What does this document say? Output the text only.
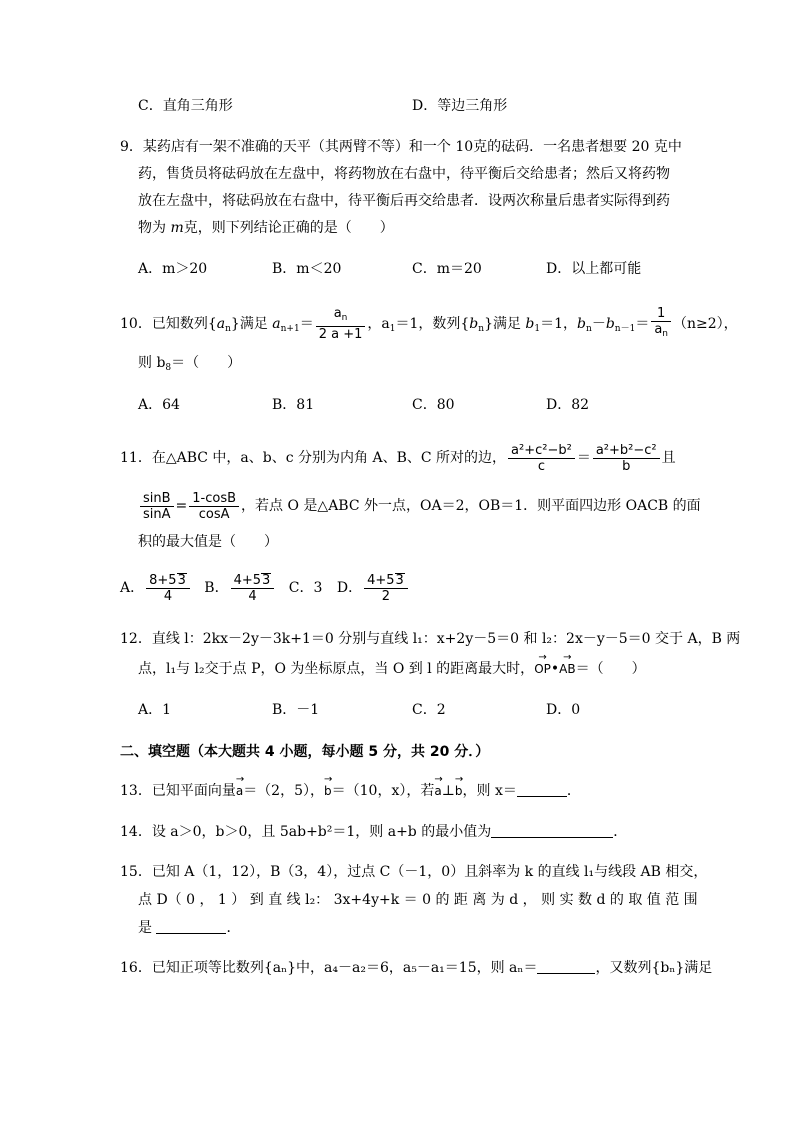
C．直角三角形	D．等边三角形
9．某药店有一架不准确的天平（其两臂不等）和一个 10克的砝码．一名患者想要 20 克中
药，售货员将砝码放在左盘中，将药物放在右盘中，待平衡后交给患者；然后又将药物
放在左盘中，将砝码放在右盘中，待平衡后再交给患者．设两次称量后患者实际得到药
物为 m克，则下列结论正确的是（　　）
A．m＞20	B．m＜20	C．m＝20	D．以上都可能
10．已知数列$\{a_n\}$满足 $a_{n+1}= \frac{a_n}{2 a +1}$ ，$a_1=1$，数列$\{b_n\}$满足 $b_1=1$，$b_n-b_{n-1}= \frac{1}{a_n} (n\ge 2)$，
则 $b_8=$（　　）
A．64	B．81	C．80	D．82
11．在△ABC 中，a、b、c 分别为内角 A、B、C 所对的边， $\frac{\text{a²+c²−b²}}{c} = \frac{\text{a²+b²−c²}}{b}$ 且
$\frac{\sin B}{\sin A} = \frac{1-\cos B}{\cos A}$ ，若点 O 是△ABC 外一点，OA＝2，OB＝1．则平面四边形 OACB 的面
积的最大值是（　　）
A． $\frac{8+53}{4}$ B． $\frac{4+53}{4}$ C．3 D． $\frac{4+53}{2}$
12．直线 l：2kx－2y－3k+1＝0 分别与直线 l₁：x+2y－5＝0 和 l₂：2x－y－5＝0 交于 A，B 两
点，l₁与 l₂交于点 P，O 为坐标原点，当 O 到 l 的距离最大时，→ OP•→ AB＝（　　）
A．1	B．－1	C．2	D．0
二、填空题（本大题共 4 小题，每小题 5 分，共 20 分．）
13．已知平面向量→ a＝（2，5），→ b＝（10，x），若→ a⊥→ b，则 x＝	．
14．设 a＞0，b＞0，且 5ab+b²＝1，则 a+b 的最小值为	．
15．已知 A（1，12），B（3，4），过点 C（－1，0）且斜率为 k 的直线 l₁与线段 AB 相交，
点 D（ 0 ， 1 ） 到 直 线 l₂： 3x+4y+k ＝ 0 的 距 离 为 d ， 则 实 数 d 的 取 值 范 围
是	．
16．已知正项等比数列{aₙ}中，a₄－a₂＝6，a₅－a₁＝15，则 aₙ＝	，又数列{bₙ}满足
